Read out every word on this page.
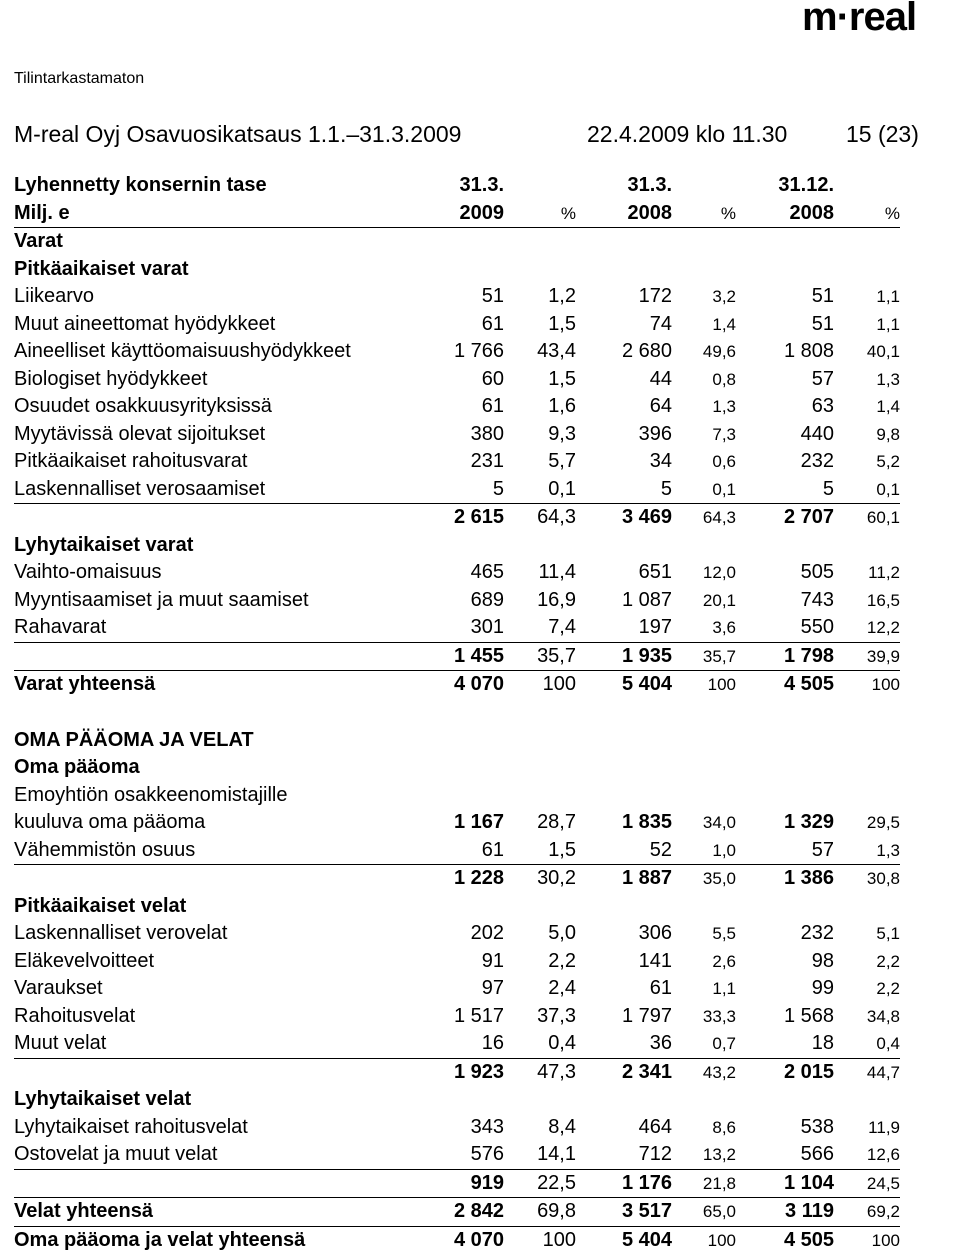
m·real
Tilintarkastamaton
M-real Oyj Osavuosikatsaus 1.1.–31.3.2009	22.4.2009 klo 11.30	15 (23)
Lyhennetty konsernin tase	31.3.		31.3.		31.12.	
Milj. e	2009	%	2008	%	2008	%
Varat						
Pitkäaikaiset varat						
Liikearvo	51	1,2	172	3,2	51	1,1
Muut aineettomat hyödykkeet	61	1,5	74	1,4	51	1,1
Aineelliset käyttöomaisuushyödykkeet	1 766	43,4	2 680	49,6	1 808	40,1
Biologiset hyödykkeet	60	1,5	44	0,8	57	1,3
Osuudet osakkuusyrityksissä	61	1,6	64	1,3	63	1,4
Myytävissä olevat sijoitukset	380	9,3	396	7,3	440	9,8
Pitkäaikaiset rahoitusvarat	231	5,7	34	0,6	232	5,2
Laskennalliset verosaamiset	5	0,1	5	0,1	5	0,1
	2 615	64,3	3 469	64,3	2 707	60,1
Lyhytaikaiset varat						
Vaihto-omaisuus	465	11,4	651	12,0	505	11,2
Myyntisaamiset ja muut saamiset	689	16,9	1 087	20,1	743	16,5
Rahavarat	301	7,4	197	3,6	550	12,2
	1 455	35,7	1 935	35,7	1 798	39,9
Varat yhteensä	4 070	100	5 404	100	4 505	100

OMA PÄÄOMA JA VELAT						
Oma pääoma						
Emoyhtiön osakkeenomistajille						
kuuluva oma pääoma	1 167	28,7	1 835	34,0	1 329	29,5
Vähemmistön osuus	61	1,5	52	1,0	57	1,3
	1 228	30,2	1 887	35,0	1 386	30,8
Pitkäaikaiset velat						
Laskennalliset verovelat	202	5,0	306	5,5	232	5,1
Eläkevelvoitteet	91	2,2	141	2,6	98	2,2
Varaukset	97	2,4	61	1,1	99	2,2
Rahoitusvelat	1 517	37,3	1 797	33,3	1 568	34,8
Muut velat	16	0,4	36	0,7	18	0,4
	1 923	47,3	2 341	43,2	2 015	44,7
Lyhytaikaiset velat						
Lyhytaikaiset rahoitusvelat	343	8,4	464	8,6	538	11,9
Ostovelat ja muut velat	576	14,1	712	13,2	566	12,6
	919	22,5	1 176	21,8	1 104	24,5
Velat yhteensä	2 842	69,8	3 517	65,0	3 119	69,2
Oma pääoma ja velat yhteensä	4 070	100	5 404	100	4 505	100
